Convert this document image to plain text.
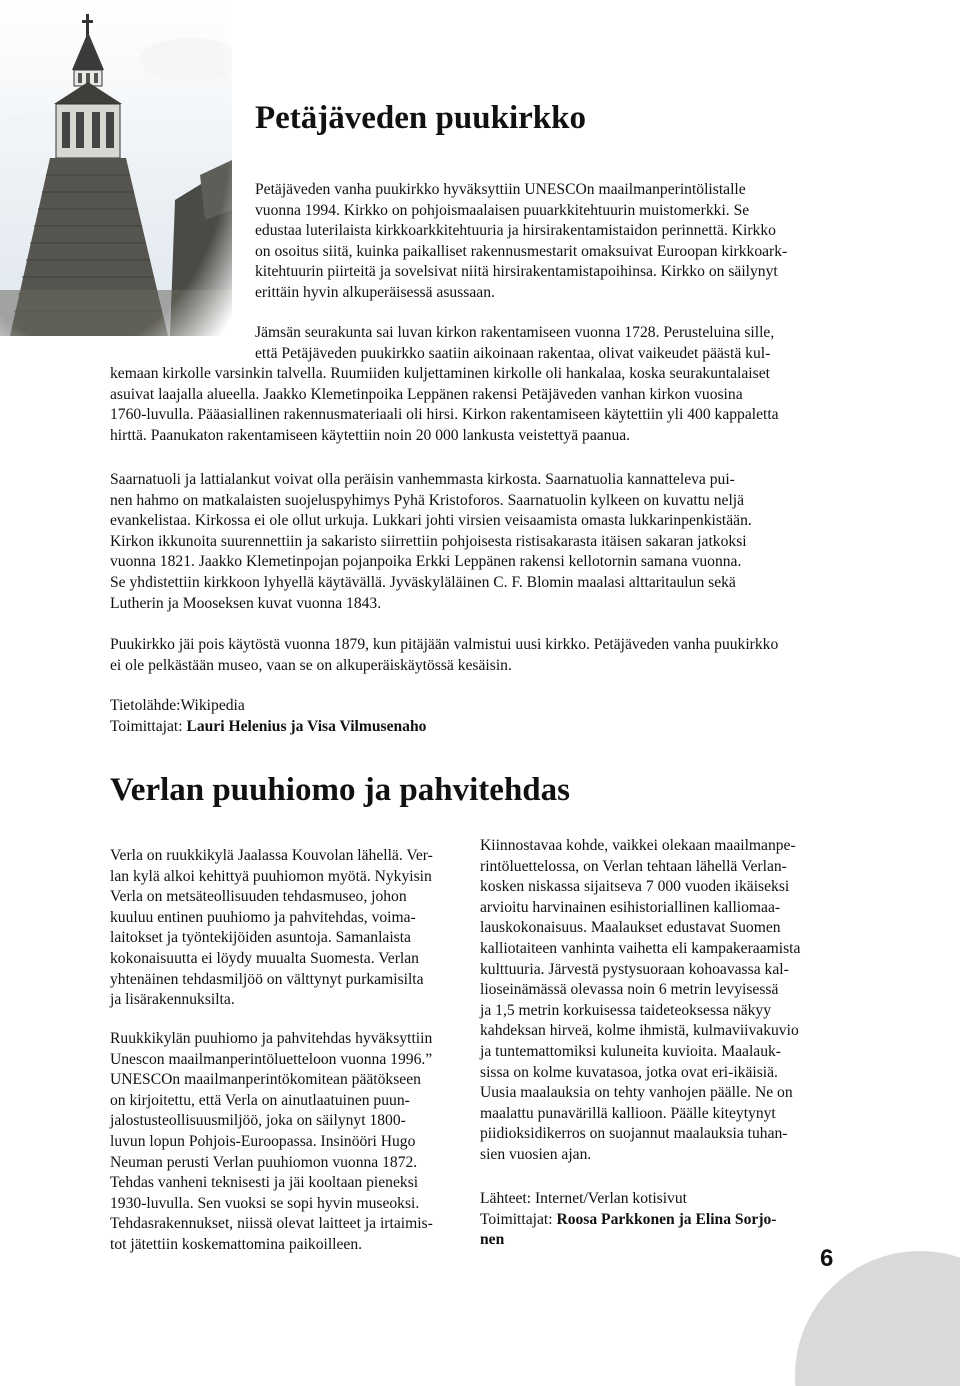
Petäjäveden puukirkko
Petäjäveden vanha puukirkko hyväksyttiin UNESCOn maailmanperintölistalle
vuonna 1994. Kirkko on pohjoismaalaisen puuarkkitehtuurin muistomerkki. Se
edustaa luterilaista kirkkoarkkitehtuuria ja hirsirakentamistaidon perinnettä. Kirkko
on osoitus siitä, kuinka paikalliset rakennusmestarit omaksuivat Euroopan kirkkoark-
kitehtuurin piirteitä ja sovelsivat niitä hirsirakentamistapoihinsa. Kirkko on säilynyt
erittäin hyvin alkuperäisessä asussaan.
Jämsän seurakunta sai luvan kirkon rakentamiseen vuonna 1728. Perusteluina sille,
että Petäjäveden puukirkko saatiin aikoinaan rakentaa, olivat vaikeudet päästä kul-
kemaan kirkolle varsinkin talvella. Ruumiiden kuljettaminen kirkolle oli hankalaa, koska seurakuntalaiset
asuivat laajalla alueella. Jaakko Klemetinpoika Leppänen rakensi Petäjäveden vanhan kirkon vuosina
1760-luvulla. Pääasiallinen rakennusmateriaali oli hirsi. Kirkon rakentamiseen käytettiin yli 400 kappaletta
hirttä. Paanukaton rakentamiseen käytettiin noin 20 000 lankusta veistettyä paanua.
Saarnatuoli ja lattialankut voivat olla peräisin vanhemmasta kirkosta. Saarnatuolia kannatteleva pui-
nen hahmo on matkalaisten suojeluspyhimys Pyhä Kristoforos. Saarnatuolin kylkeen on kuvattu neljä
evankelistaa. Kirkossa ei ole ollut urkuja. Lukkari johti virsien veisaamista omasta lukkarinpenkistään.
Kirkon ikkunoita suurennettiin ja sakaristo siirrettiin pohjoisesta ristisakarasta itäisen sakaran jatkoksi
vuonna 1821. Jaakko Klemetinpojan pojanpoika Erkki Leppänen rakensi kellotornin samana vuonna.
Se yhdistettiin kirkkoon lyhyellä käytävällä. Jyväskyläläinen C. F. Blomin maalasi alttaritaulun sekä
Lutherin ja Mooseksen kuvat vuonna 1843.
Puukirkko jäi pois käytöstä vuonna 1879, kun pitäjään valmistui uusi kirkko. Petäjäveden vanha puukirkko
ei ole pelkästään museo, vaan se on alkuperäiskäytössä kesäisin.
Tietolähde:Wikipedia
Toimittajat: Lauri Helenius ja Visa Vilmusenaho
Verlan puuhiomo ja pahvitehdas
Verla on ruukkikylä Jaalassa Kouvolan lähellä. Ver-
lan kylä alkoi kehittyä puuhiomon myötä. Nykyisin
Verla on metsäteollisuuden tehdasmuseo, johon
kuuluu entinen puuhiomo ja pahvitehdas, voima-
laitokset ja työntekijöiden asuntoja. Samanlaista
kokonaisuutta ei löydy muualta Suomesta. Verlan
yhtenäinen tehdasmiljöö on välttynyt purkamisilta
ja lisärakennuksilta.
Ruukkikylän puuhiomo ja pahvitehdas hyväksyttiin
Unescon maailmanperintöluetteloon vuonna 1996.”
UNESCOn maailmanperintökomitean päätökseen
on kirjoitettu, että Verla on ainutlaatuinen puun-
jalostusteollisuusmiljöö, joka on säilynyt 1800-
luvun lopun Pohjois-Euroopassa. Insinööri Hugo
Neuman perusti Verlan puuhiomon vuonna 1872.
Tehdas vanheni teknisesti ja jäi kooltaan pieneksi
1930-luvulla. Sen vuoksi se sopi hyvin museoksi.
Tehdasrakennukset, niissä olevat laitteet ja irtaimis-
tot jätettiin koskemattomina paikoilleen.
Kiinnostavaa kohde, vaikkei olekaan maailmanpe-
rintöluettelossa, on Verlan tehtaan lähellä Verlan-
kosken niskassa sijaitseva 7 000 vuoden ikäiseksi
arvioitu harvinainen esihistoriallinen kalliomaa-
lauskokonaisuus. Maalaukset edustavat Suomen
kalliotaiteen vanhinta vaihetta eli kampakeraamista
kulttuuria. Järvestä pystysuoraan kohoavassa kal-
lioseinämässä olevassa noin 6 metrin levyisessä
ja 1,5 metrin korkuisessa taideteoksessa näkyy
kahdeksan hirveä, kolme ihmistä, kulmaviivakuvio
ja tuntemattomiksi kuluneita kuvioita. Maalauk-
sissa on kolme kuvatasoa, jotka ovat eri-ikäisiä.
Uusia maalauksia on tehty vanhojen päälle. Ne on
maalattu punavärillä kallioon. Päälle kiteytynyt
piidioksidikerros on suojannut maalauksia tuhan-
sien vuosien ajan.
Lähteet: Internet/Verlan kotisivut
Toimittajat: Roosa Parkkonen ja Elina Sorjo-
nen
6
